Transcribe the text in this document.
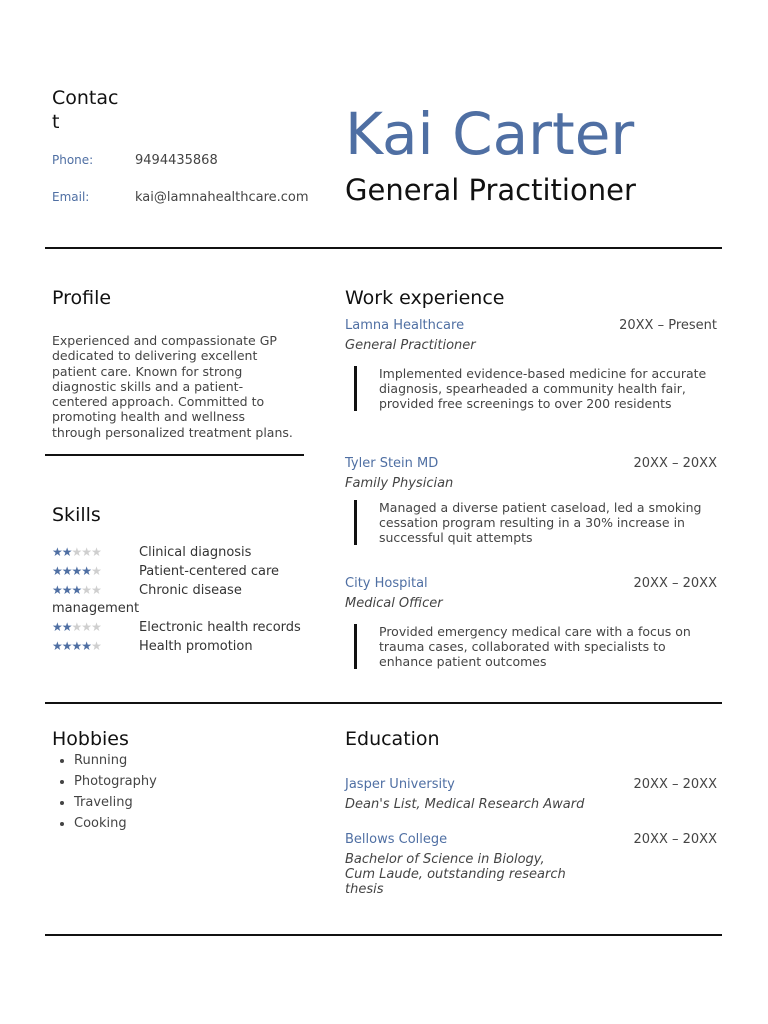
Contact
Phone:	9494435868
Email:	kai@lamnahealthcare.com
Kai Carter
General Practitioner
Profile
Experienced and compassionate GP dedicated to delivering excellent patient care. Known for strong diagnostic skills and a patient-centered approach. Committed to promoting health and wellness through personalized treatment plans.
Skills
★★★★★	Clinical diagnosis
★★★★★	Patient-centered care
★★★★★	Chronic disease management
★★★★★	Electronic health records
★★★★★	Health promotion
Work experience
Lamna Healthcare	20XX – Present
General Practitioner
Implemented evidence-based medicine for accurate diagnosis, spearheaded a community health fair, provided free screenings to over 200 residents
Tyler Stein MD	20XX – 20XX
Family Physician
Managed a diverse patient caseload, led a smoking cessation program resulting in a 30% increase in successful quit attempts
City Hospital	20XX – 20XX
Medical Officer
Provided emergency medical care with a focus on trauma cases, collaborated with specialists to enhance patient outcomes
Hobbies
• Running
• Photography
• Traveling
• Cooking
Education
Jasper University	20XX – 20XX
Dean's List, Medical Research Award
Bellows College	20XX – 20XX
Bachelor of Science in Biology, Cum Laude, outstanding research thesis
